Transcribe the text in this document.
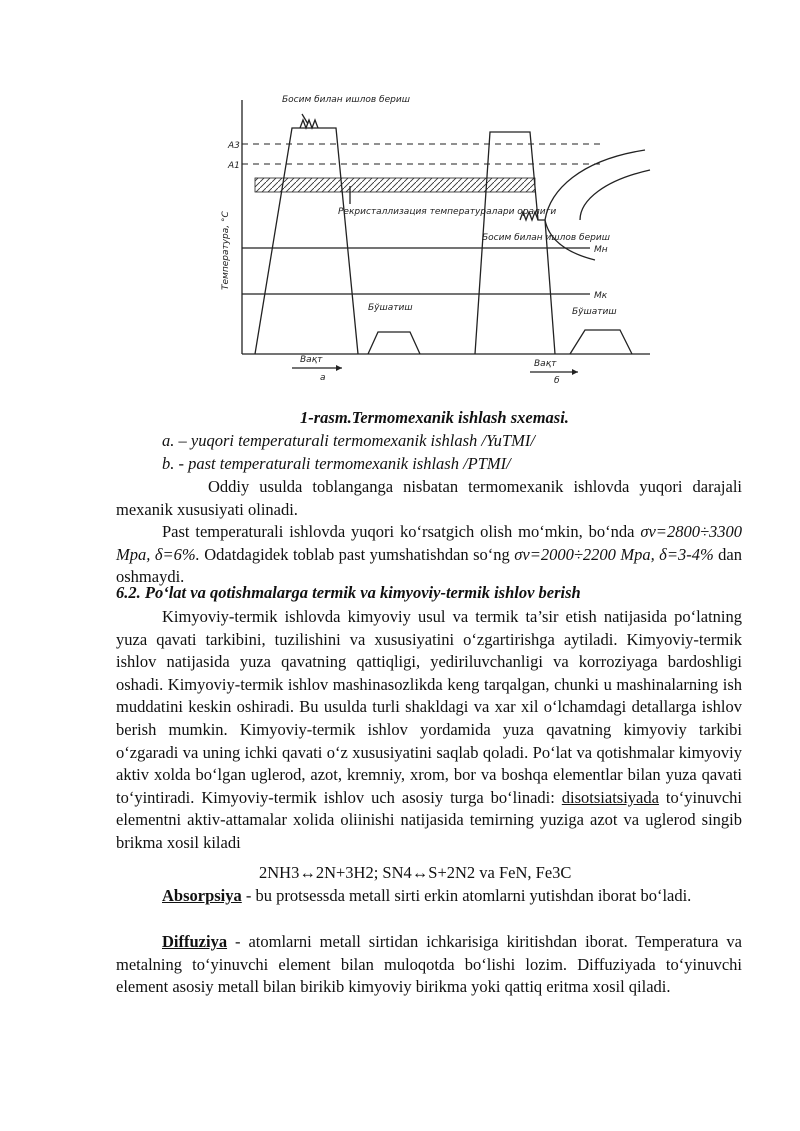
A3
A1
Температура, °С
Босим билан ишлов бериш
Рекристаллизация температуралари оралиги
Босим билан ишлов бериш
Мн
Мк
Бўшатиш	Бўшатиш
Вақт	Вақт
а	б
1-rasm.Termomexanik ishlash sxemasi.
a. – yuqori temperaturali termomexanik ishlash /YuTMI/
b. - past temperaturali termomexanik ishlash /PTMI/
Oddiy usulda toblanganga nisbatan termomexanik ishlovda yuqori darajali mexanik xususiyati olinadi.
Past temperaturali ishlovda yuqori ko‘rsatgich olish mo‘mkin, bo‘nda σv=2800÷3300 Mpa, δ=6%. Odatdagidek toblab past yumshatishdan so‘ng σv=2000÷2200 Mpa, δ=3-4% dan oshmaydi.
6.2. Po‘lat va qotishmalarga termik va kimyoviy-termik ishlov berish
Kimyoviy-termik ishlovda kimyoviy usul va termik ta’sir etish natijasida po‘latning yuza qavati tarkibini, tuzilishini va xususiyatini o‘zgartirishga aytiladi. Kimyoviy-termik ishlov natijasida yuza qavatning qattiqligi, yediriluvchanligi va korroziyaga bardoshligi oshadi. Kimyoviy-termik ishlov mashinasozlikda keng tarqalgan, chunki u mashinalarning ish muddatini keskin oshiradi. Bu usulda turli shakldagi va xar xil o‘lchamdagi detallarga ishlov berish mumkin. Kimyoviy-termik ishlov yordamida yuza qavatning kimyoviy tarkibi o‘zgaradi va uning ichki qavati o‘z xususiyatini saqlab qoladi. Po‘lat va qotishmalar kimyoviy aktiv xolda bo‘lgan uglerod, azot, kremniy, xrom, bor va boshqa elementlar bilan yuza qavati to‘yintiradi. Kimyoviy-termik ishlov uch asosiy turga bo‘linadi: disotsiatsiyada to‘yinuvchi elementni aktiv-attamalar xolida oliinishi natijasida temirning yuziga azot va uglerod singib brikma xosil kiladi
2NH3↔2N+3H2; SN4↔S+2N2 va FeN, Fe3C
Absorpsiya - bu protsessda metall sirti erkin atomlarni yutishdan iborat bo‘ladi.
Diffuziya - atomlarni metall sirtidan ichkarisiga kiritishdan iborat. Temperatura va metalning to‘yinuvchi element bilan muloqotda bo‘lishi lozim. Diffuziyada to‘yinuvchi element asosiy metall bilan birikib kimyoviy birikma yoki qattiq eritma xosil qiladi.
